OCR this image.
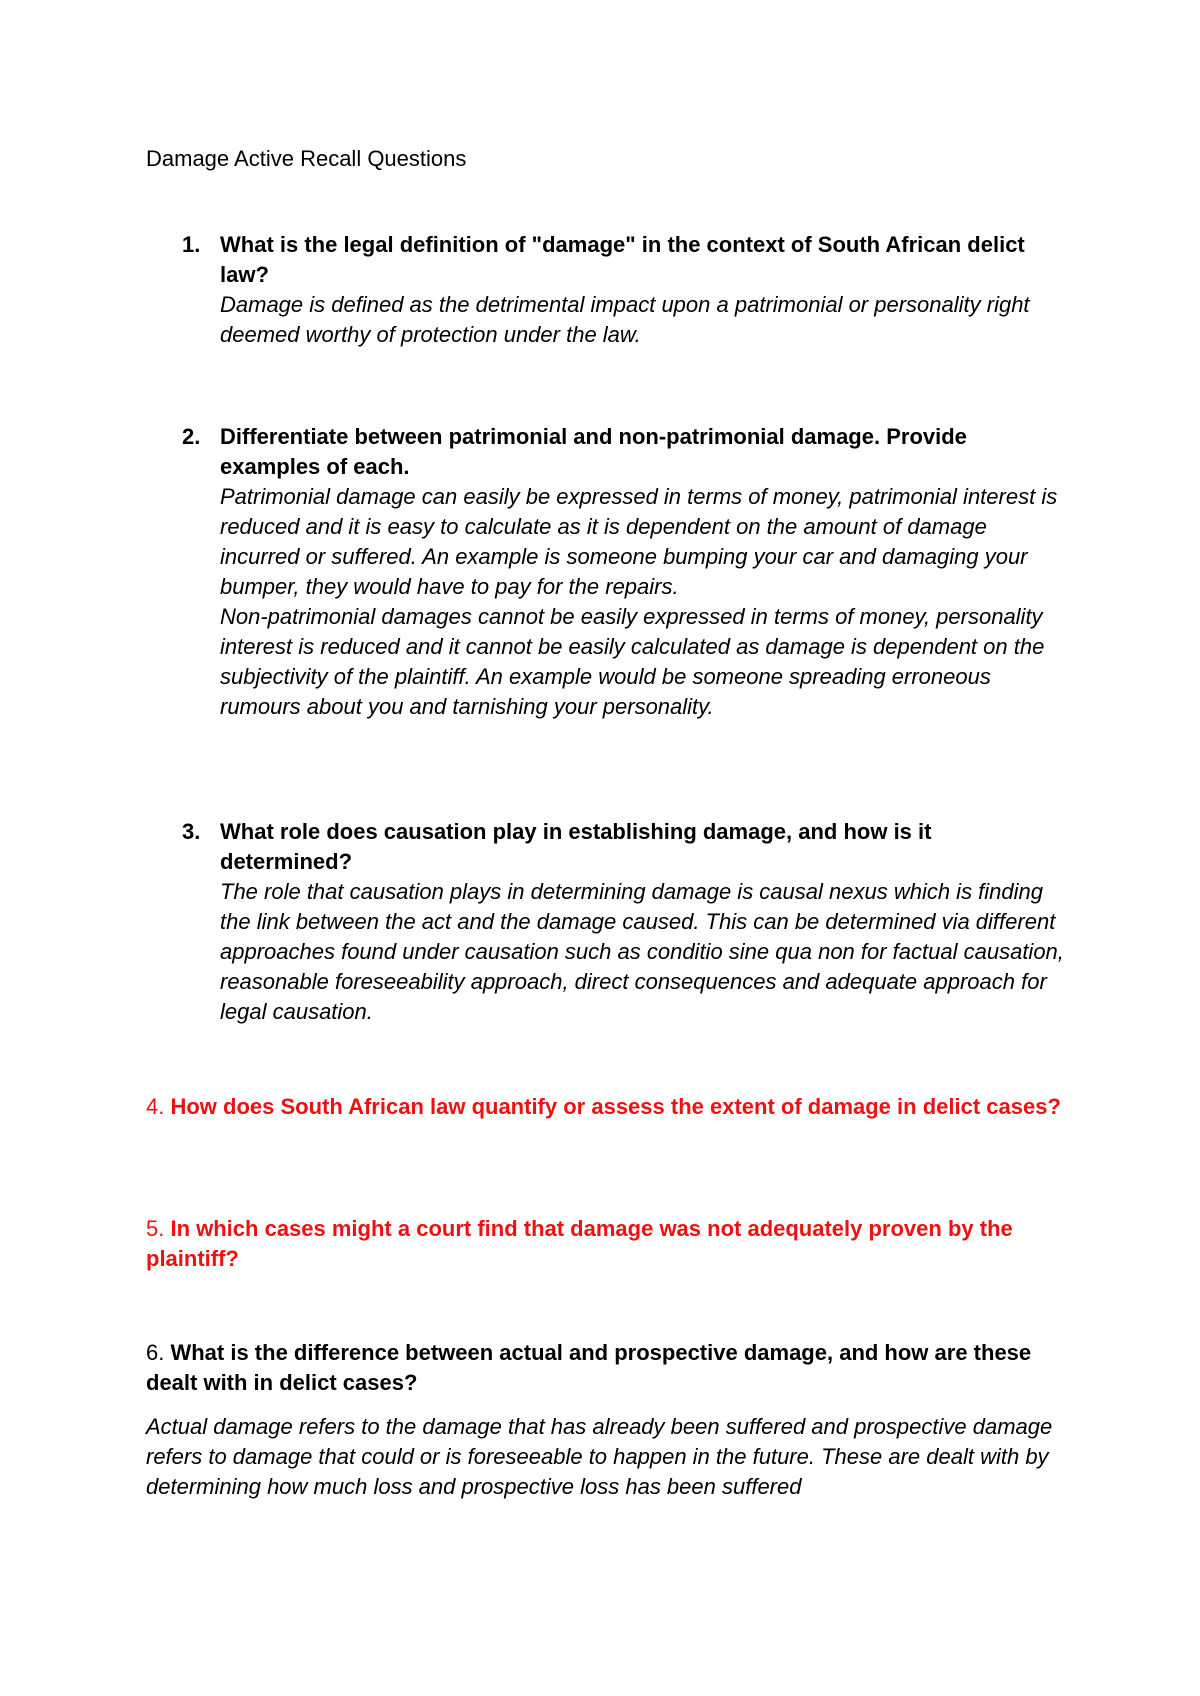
Damage Active Recall Questions
1. What is the legal definition of "damage" in the context of South African delict law?

Damage is defined as the detrimental impact upon a patrimonial or personality right deemed worthy of protection under the law.

2. Differentiate between patrimonial and non-patrimonial damage. Provide examples of each.

Patrimonial damage can easily be expressed in terms of money, patrimonial interest is reduced and it is easy to calculate as it is dependent on the amount of damage incurred or suffered. An example is someone bumping your car and damaging your bumper, they would have to pay for the repairs.

Non-patrimonial damages cannot be easily expressed in terms of money, personality interest is reduced and it cannot be easily calculated as damage is dependent on the subjectivity of the plaintiff. An example would be someone spreading erroneous rumours about you and tarnishing your personality.

3. What role does causation play in establishing damage, and how is it determined?

The role that causation plays in determining damage is causal nexus which is finding the link between the act and the damage caused. This can be determined via different approaches found under causation such as conditio sine qua non for factual causation, reasonable foreseeability approach, direct consequences and adequate approach for legal causation.

4. How does South African law quantify or assess the extent of damage in delict cases?
5. In which cases might a court find that damage was not adequately proven by the plaintiff?
6. What is the difference between actual and prospective damage, and how are these dealt with in delict cases?

Actual damage refers to the damage that has already been suffered and prospective damage refers to damage that could or is foreseeable to happen in the future. These are dealt with by determining how much loss and prospective loss has been suffered
